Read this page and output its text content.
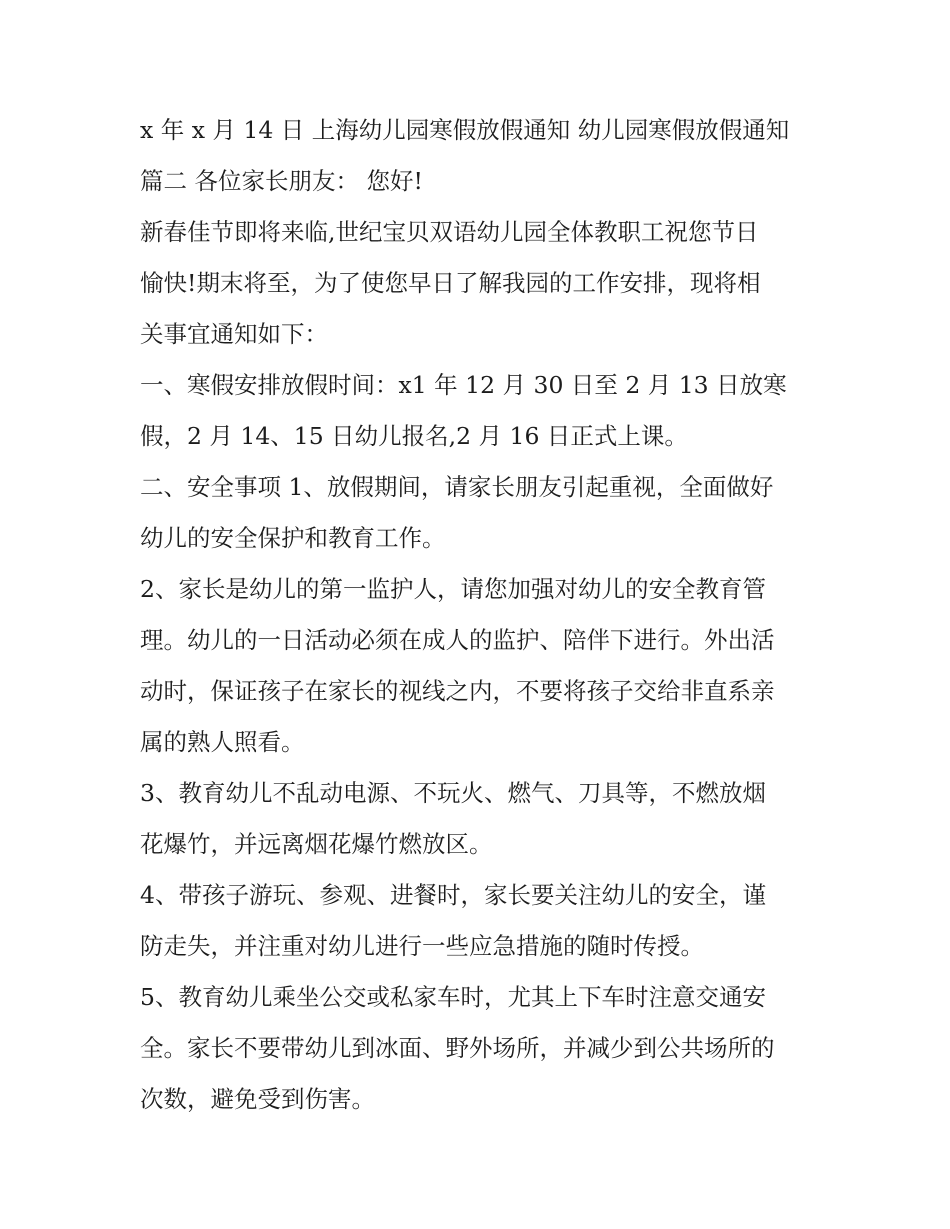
x 年 x 月 14 日 上海幼儿园寒假放假通知 幼儿园寒假放假通知
篇二 各位家长朋友： 您好!

新春佳节即将来临,世纪宝贝双语幼儿园全体教职工祝您节日
愉快!期末将至，为了使您早日了解我园的工作安排，现将相
关事宜通知如下：

一、寒假安排放假时间：x1 年 12 月 30 日至 2 月 13 日放寒
假，2 月 14、15 日幼儿报名,2 月 16 日正式上课。

二、安全事项 1、放假期间，请家长朋友引起重视，全面做好
幼儿的安全保护和教育工作。

2、家长是幼儿的第一监护人，请您加强对幼儿的安全教育管
理。幼儿的一日活动必须在成人的监护、陪伴下进行。外出活
动时，保证孩子在家长的视线之内，不要将孩子交给非直系亲
属的熟人照看。

3、教育幼儿不乱动电源、不玩火、燃气、刀具等，不燃放烟
花爆竹，并远离烟花爆竹燃放区。

4、带孩子游玩、参观、进餐时，家长要关注幼儿的安全，谨
防走失，并注重对幼儿进行一些应急措施的随时传授。

5、教育幼儿乘坐公交或私家车时，尤其上下车时注意交通安
全。家长不要带幼儿到冰面、野外场所，并减少到公共场所的
次数，避免受到伤害。
